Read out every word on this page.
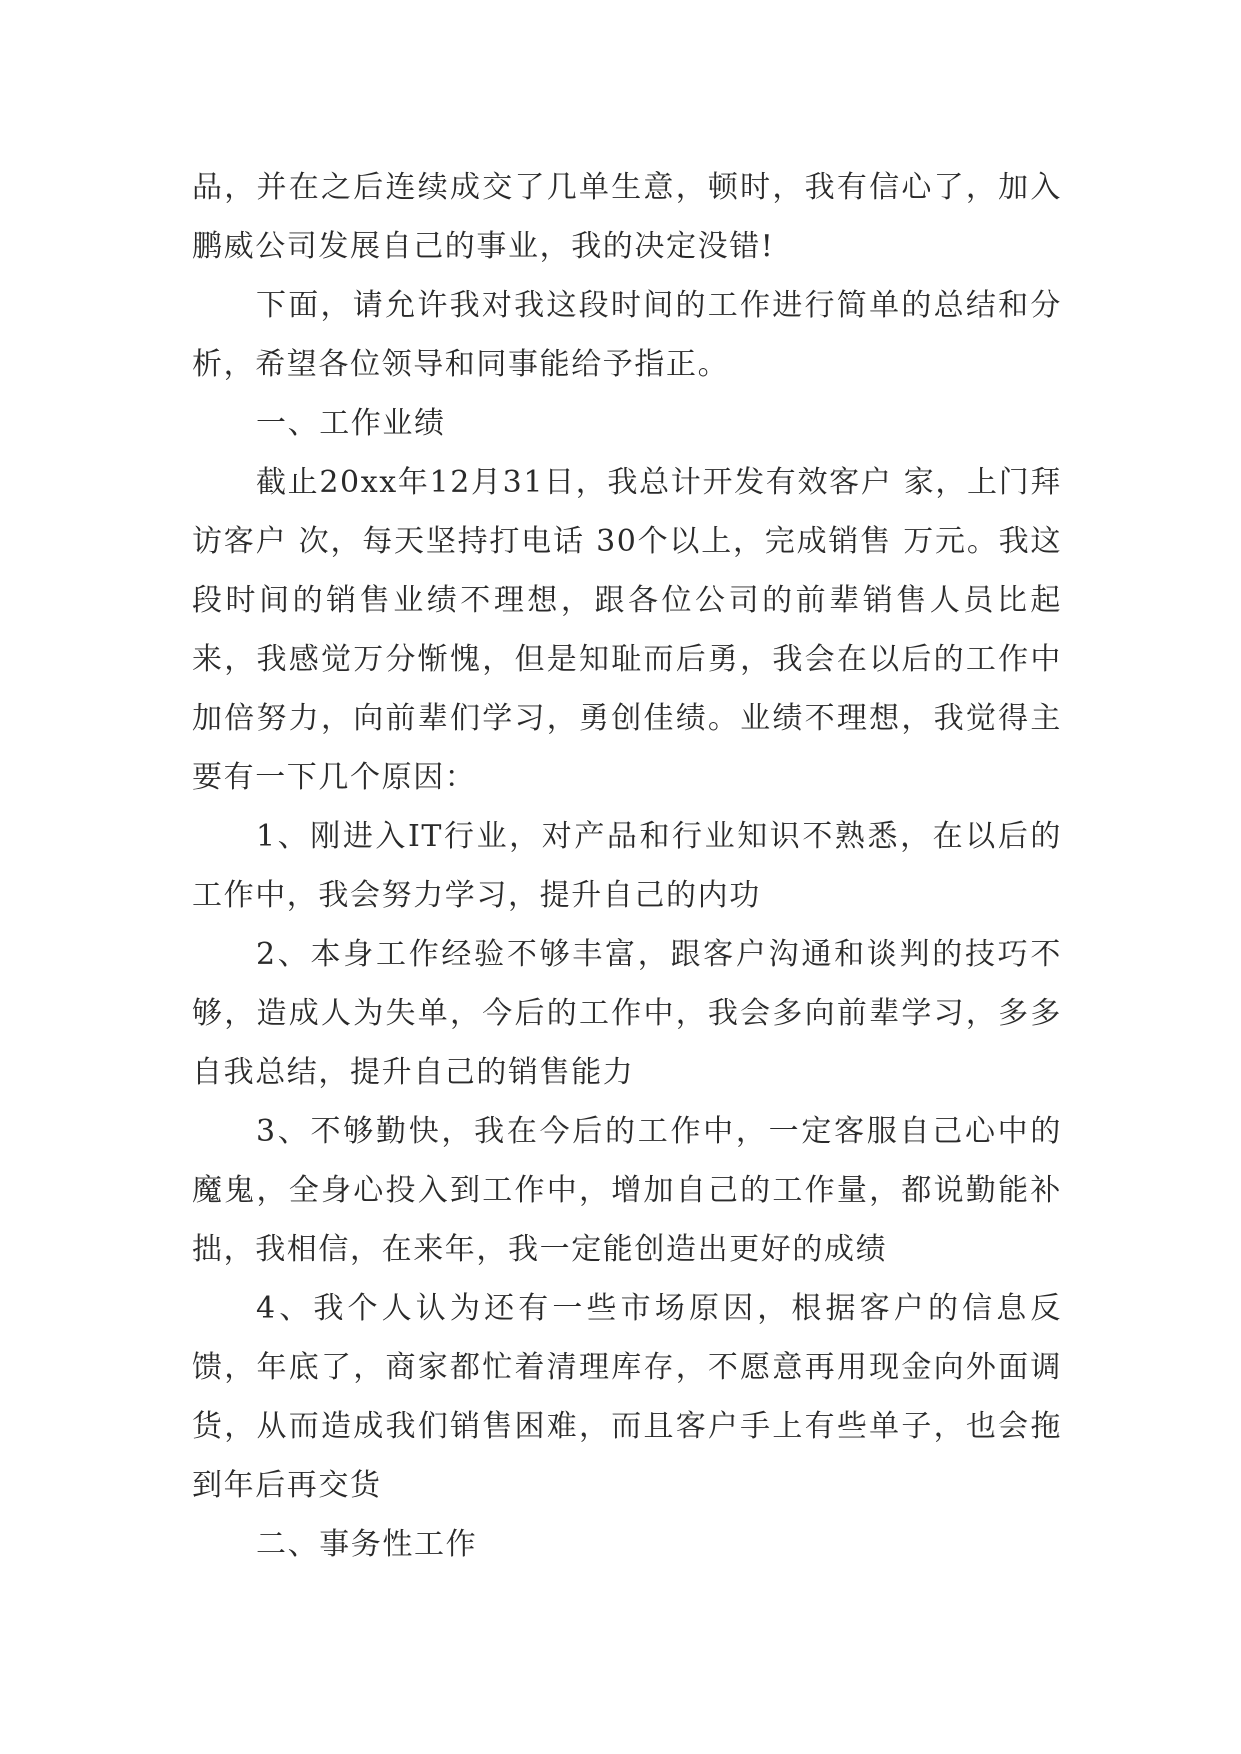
品，并在之后连续成交了几单生意，顿时，我有信心了，加入鹏威公司发展自己的事业，我的决定没错!

下面，请允许我对我这段时间的工作进行简单的总结和分析，希望各位领导和同事能给予指正。

一、工作业绩

截止20xx年12月31日，我总计开发有效客户 家，上门拜访客户 次，每天坚持打电话 30个以上，完成销售 万元。我这段时间的销售业绩不理想，跟各位公司的前辈销售人员比起来，我感觉万分惭愧，但是知耻而后勇，我会在以后的工作中加倍努力，向前辈们学习，勇创佳绩。业绩不理想，我觉得主要有一下几个原因：

1、刚进入IT行业，对产品和行业知识不熟悉，在以后的工作中，我会努力学习，提升自己的内功

2、本身工作经验不够丰富，跟客户沟通和谈判的技巧不够，造成人为失单，今后的工作中，我会多向前辈学习，多多自我总结，提升自己的销售能力

3、不够勤快，我在今后的工作中，一定客服自己心中的魔鬼，全身心投入到工作中，增加自己的工作量，都说勤能补拙，我相信，在来年，我一定能创造出更好的成绩

4、我个人认为还有一些市场原因，根据客户的信息反馈，年底了，商家都忙着清理库存，不愿意再用现金向外面调货，从而造成我们销售困难，而且客户手上有些单子，也会拖到年后再交货

二、事务性工作
